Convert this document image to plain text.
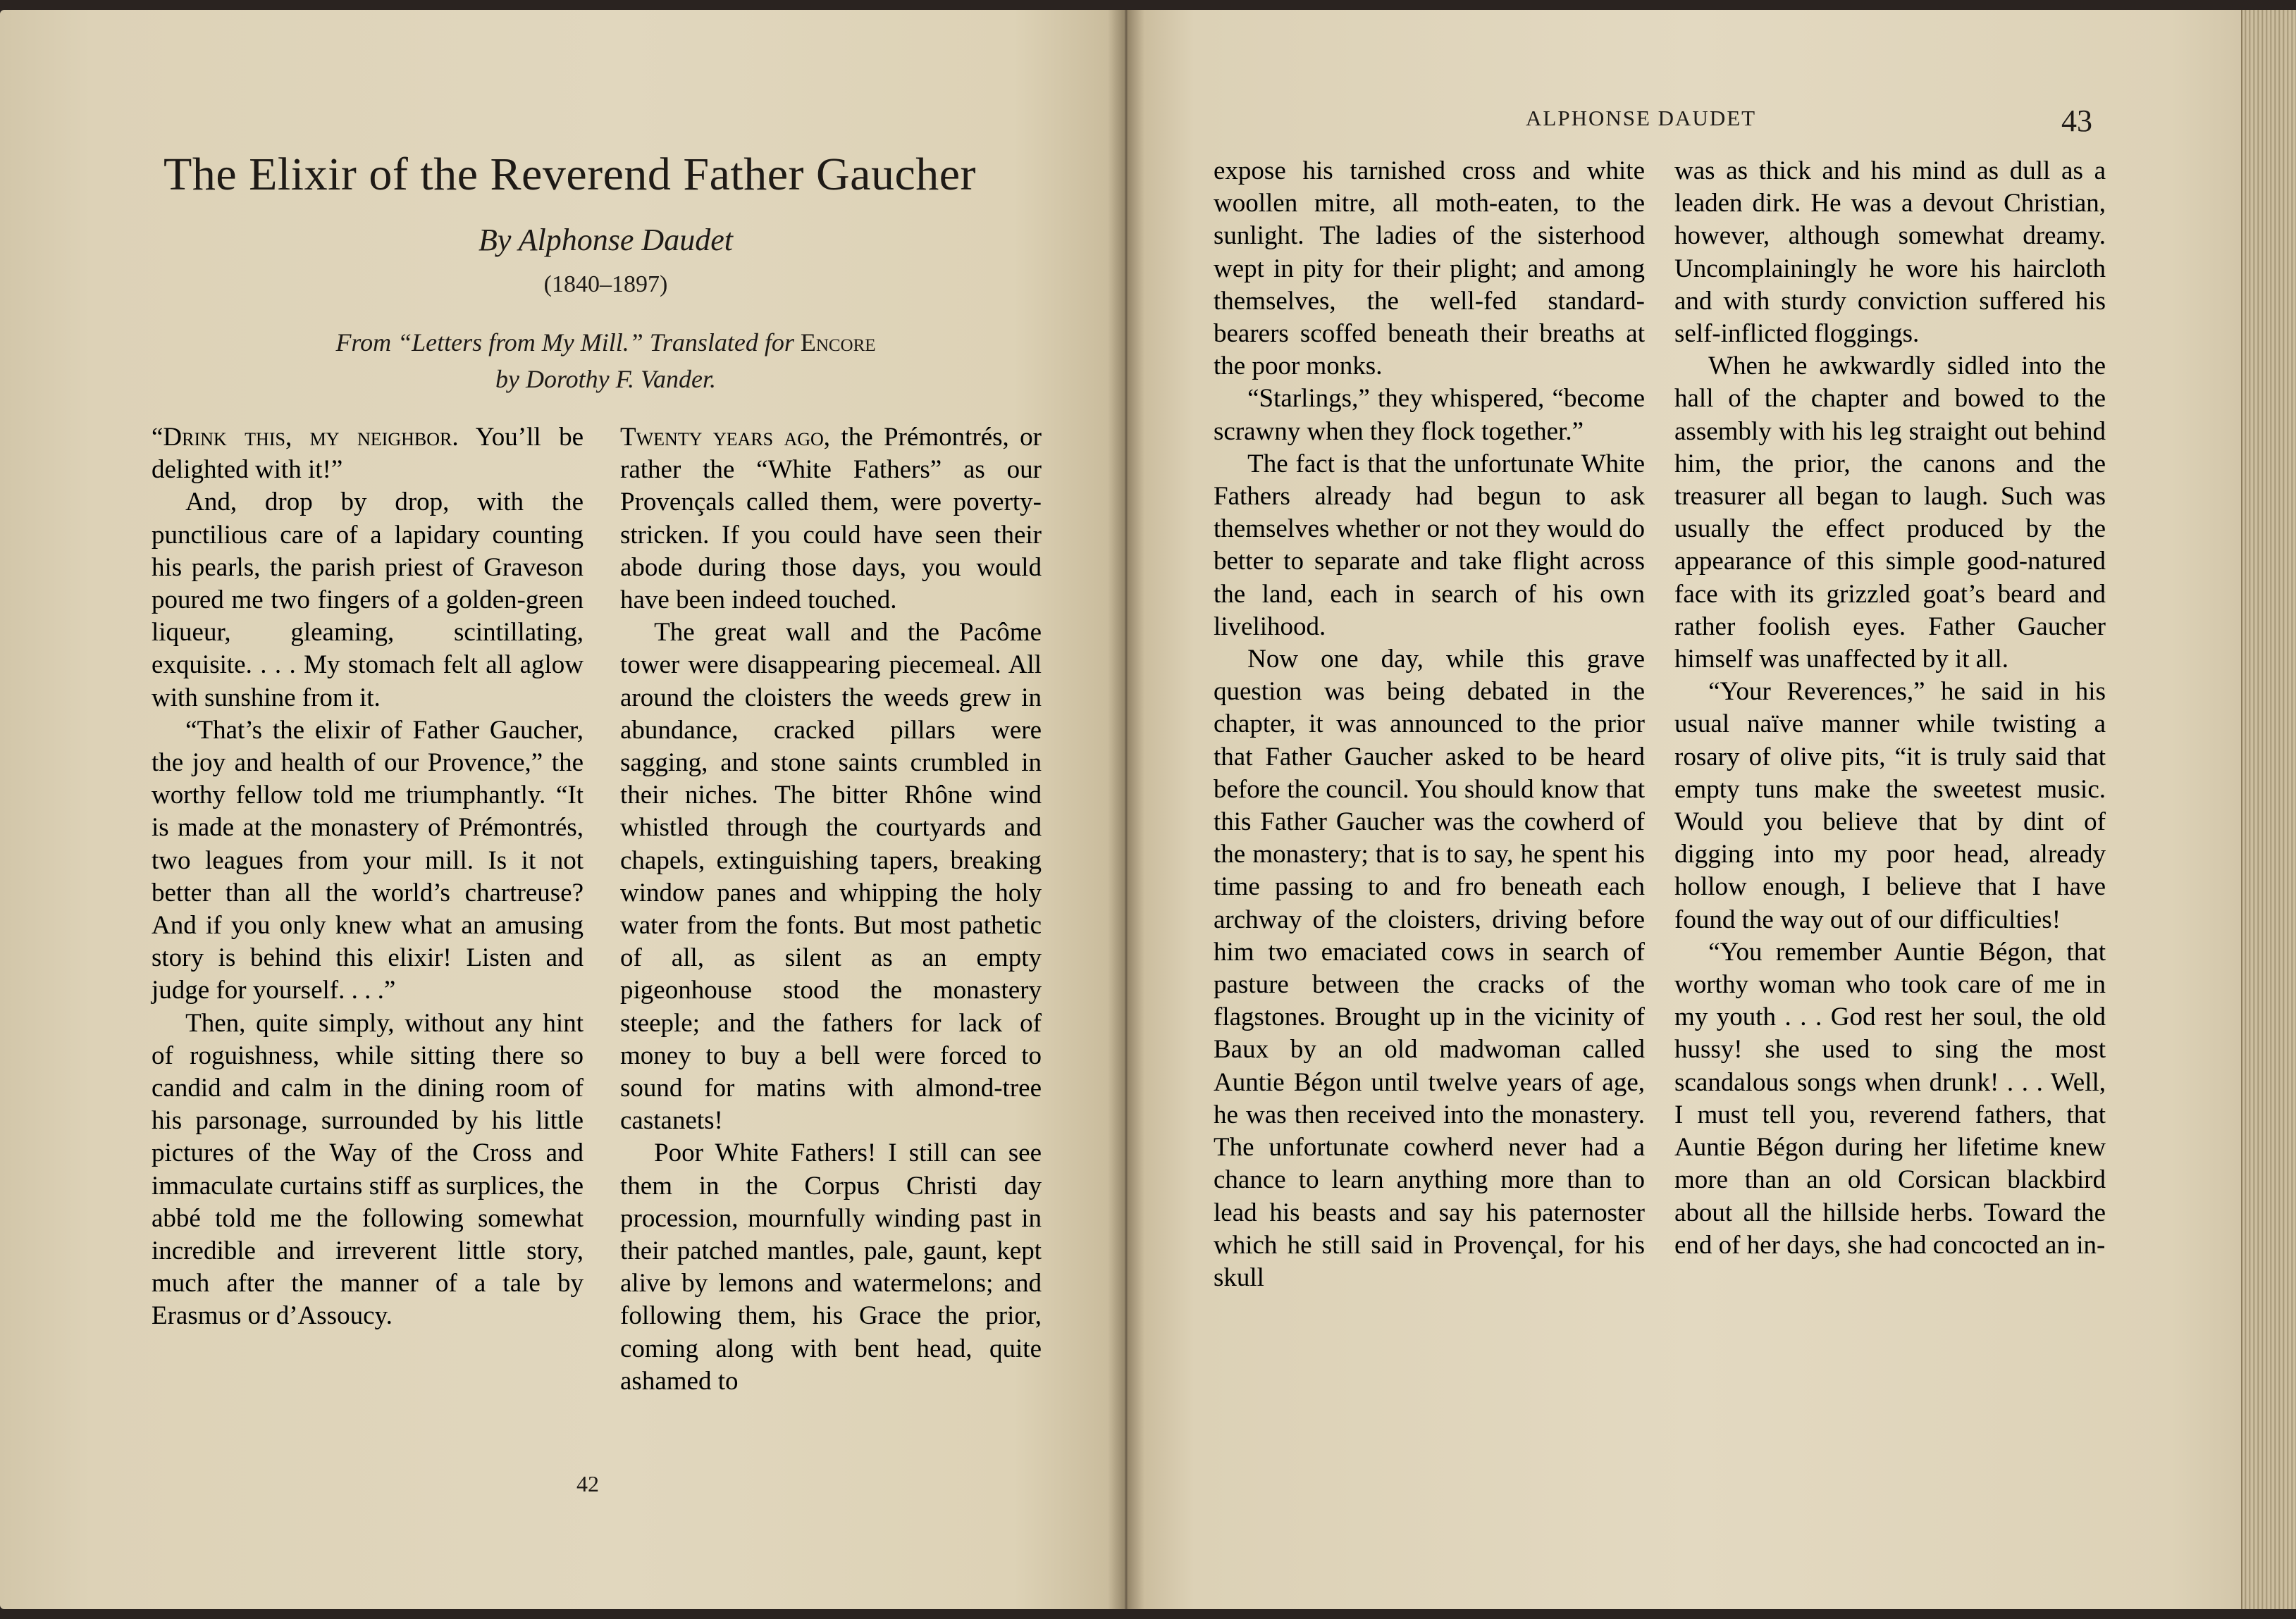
The Elixir of the Reverend Father Gaucher
By Alphonse Daudet
(1840–1897)
From “Letters from My Mill.” Translated for Encore
by Dorothy F. Vander.

“Drink this, my neighbor. You’ll be delighted with it!”

And, drop by drop, with the punctilious care of a lapidary counting his pearls, the parish priest of Graveson poured me two fingers of a golden-green liqueur, gleaming, scintillating, exquisite. . . . My stomach felt all aglow with sunshine from it.

“That’s the elixir of Father Gaucher, the joy and health of our Provence,” the worthy fellow told me triumphantly. “It is made at the monastery of Prémontrés, two leagues from your mill. Is it not better than all the world’s chartreuse? And if you only knew what an amusing story is behind this elixir! Listen and judge for yourself. . . .”

Then, quite simply, without any hint of roguishness, while sitting there so candid and calm in the dining room of his parsonage, surrounded by his little pictures of the Way of the Cross and immaculate curtains stiff as surplices, the abbé told me the following somewhat incredible and irreverent little story, much after the manner of a tale by Erasmus or d’Assoucy.

Twenty years ago, the Prémontrés, or rather the “White Fathers” as our Provençals called them, were poverty-stricken. If you could have seen their abode during those days, you would have been indeed touched.

The great wall and the Pacôme tower were disappearing piecemeal. All around the cloisters the weeds grew in abundance, cracked pillars were sagging, and stone saints crumbled in their niches. The bitter Rhône wind whistled through the courtyards and chapels, extinguishing tapers, breaking window panes and whipping the holy water from the fonts. But most pathetic of all, as silent as an empty pigeonhouse stood the monastery steeple; and the fathers for lack of money to buy a bell were forced to sound for matins with almond-tree castanets!

Poor White Fathers! I still can see them in the Corpus Christi day procession, mournfully winding past in their patched mantles, pale, gaunt, kept alive by lemons and watermelons; and following them, his Grace the prior, coming along with bent head, quite ashamed to

42
ALPHONSE DAUDET	43

expose his tarnished cross and white woollen mitre, all moth-eaten, to the sunlight. The ladies of the sisterhood wept in pity for their plight; and among themselves, the well-fed standard-bearers scoffed beneath their breaths at the poor monks.

“Starlings,” they whispered, “become scrawny when they flock together.”

The fact is that the unfortunate White Fathers already had begun to ask themselves whether or not they would do better to separate and take flight across the land, each in search of his own livelihood.

Now one day, while this grave question was being debated in the chapter, it was announced to the prior that Father Gaucher asked to be heard before the council. You should know that this Father Gaucher was the cowherd of the monastery; that is to say, he spent his time passing to and fro beneath each archway of the cloisters, driving before him two emaciated cows in search of pasture between the cracks of the flagstones. Brought up in the vicinity of Baux by an old madwoman called Auntie Bégon until twelve years of age, he was then received into the monastery. The unfortunate cowherd never had a chance to learn anything more than to lead his beasts and say his paternoster which he still said in Provençal, for his skull

was as thick and his mind as dull as a leaden dirk. He was a devout Christian, however, although somewhat dreamy. Uncomplainingly he wore his haircloth and with sturdy conviction suffered his self-inflicted floggings.

When he awkwardly sidled into the hall of the chapter and bowed to the assembly with his leg straight out behind him, the prior, the canons and the treasurer all began to laugh. Such was usually the effect produced by the appearance of this simple good-natured face with its grizzled goat’s beard and rather foolish eyes. Father Gaucher himself was unaffected by it all.

“Your Reverences,” he said in his usual naïve manner while twisting a rosary of olive pits, “it is truly said that empty tuns make the sweetest music. Would you believe that by dint of digging into my poor head, already hollow enough, I believe that I have found the way out of our difficulties!

“You remember Auntie Bégon, that worthy woman who took care of me in my youth . . . God rest her soul, the old hussy! she used to sing the most scandalous songs when drunk! . . . Well, I must tell you, reverend fathers, that Auntie Bégon during her lifetime knew more than an old Corsican blackbird about all the hillside herbs. Toward the end of her days, she had concocted an in-
